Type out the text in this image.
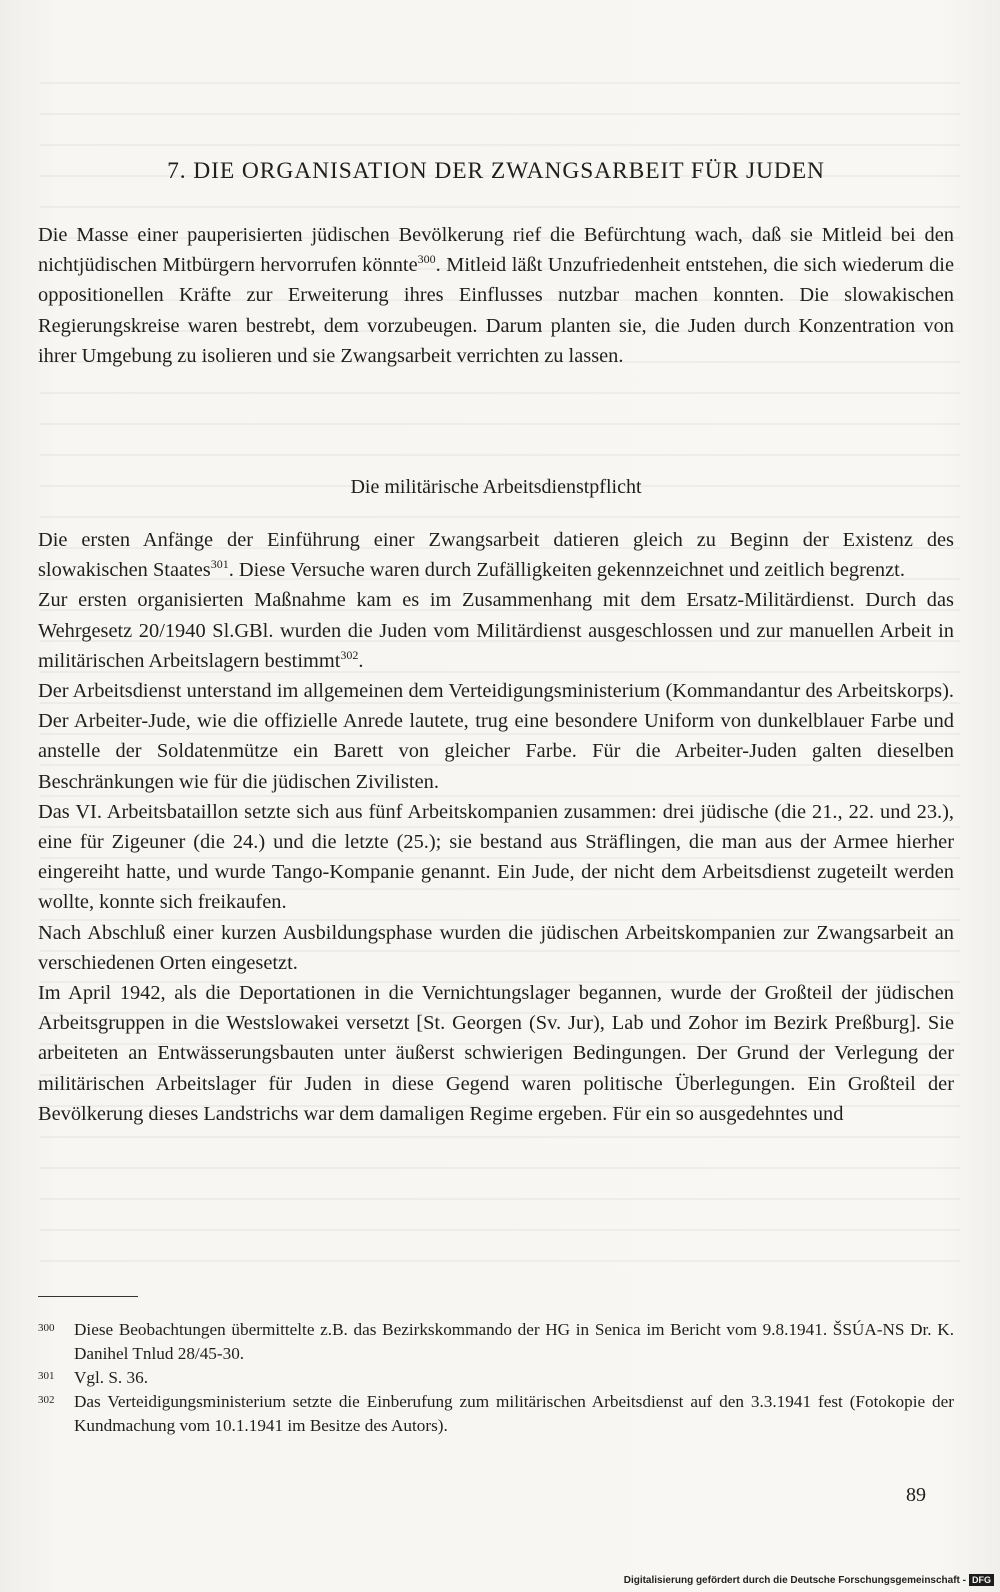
7. DIE ORGANISATION DER ZWANGSARBEIT FÜR JUDEN

Die Masse einer pauperisierten jüdischen Bevölkerung rief die Befürchtung wach, daß sie Mitleid bei den nichtjüdischen Mitbürgern hervorrufen könnte$^{300}$. Mitleid läßt Unzufriedenheit entstehen, die sich wiederum die oppositionellen Kräfte zur Erweiterung ihres Einflusses nutzbar machen konnten. Die slowakischen Regierungskreise waren bestrebt, dem vorzubeugen. Darum planten sie, die Juden durch Konzentration von ihrer Umgebung zu isolieren und sie Zwangsarbeit verrichten zu lassen.

Die militärische Arbeitsdienstpflicht

Die ersten Anfänge der Einführung einer Zwangsarbeit datieren gleich zu Beginn der Existenz des slowakischen Staates$^{301}$. Diese Versuche waren durch Zufälligkeiten gekennzeichnet und zeitlich begrenzt.

Zur ersten organisierten Maßnahme kam es im Zusammenhang mit dem Ersatz-Militärdienst. Durch das Wehrgesetz 20/1940 Sl.GBl. wurden die Juden vom Militärdienst ausgeschlossen und zur manuellen Arbeit in militärischen Arbeitslagern bestimmt$^{302}$.

Der Arbeitsdienst unterstand im allgemeinen dem Verteidigungsministerium (Kommandantur des Arbeitskorps). Der Arbeiter-Jude, wie die offizielle Anrede lautete, trug eine besondere Uniform von dunkelblauer Farbe und anstelle der Soldatenmütze ein Barett von gleicher Farbe. Für die Arbeiter-Juden galten dieselben Beschränkungen wie für die jüdischen Zivilisten.

Das VI. Arbeitsbataillon setzte sich aus fünf Arbeitskompanien zusammen: drei jüdische (die 21., 22. und 23.), eine für Zigeuner (die 24.) und die letzte (25.); sie bestand aus Sträflingen, die man aus der Armee hierher eingereiht hatte, und wurde Tango-Kompanie genannt. Ein Jude, der nicht dem Arbeitsdienst zugeteilt werden wollte, konnte sich freikaufen.

Nach Abschluß einer kurzen Ausbildungsphase wurden die jüdischen Arbeitskompanien zur Zwangsarbeit an verschiedenen Orten eingesetzt.

Im April 1942, als die Deportationen in die Vernichtungslager begannen, wurde der Großteil der jüdischen Arbeitsgruppen in die Westslowakei versetzt [St. Georgen (Sv. Jur), Lab und Zohor im Bezirk Preßburg]. Sie arbeiteten an Entwässerungsbauten unter äußerst schwierigen Bedingungen. Der Grund der Verlegung der militärischen Arbeitslager für Juden in diese Gegend waren politische Überlegungen. Ein Großteil der Bevölkerung dieses Landstrichs war dem damaligen Regime ergeben. Für ein so ausgedehntes und

300	Diese Beobachtungen übermittelte z.B. das Bezirkskommando der HG in Senica im Bericht vom 9.8.1941. ŠSÚA-NS Dr. K. Danihel Tnlud 28/45-30.
301	Vgl. S. 36.
302	Das Verteidigungsministerium setzte die Einberufung zum militärischen Arbeitsdienst auf den 3.3.1941 fest (Fotokopie der Kundmachung vom 10.1.1941 im Besitze des Autors).
89
Digitalisierung gefördert durch die Deutsche Forschungsgemeinschaft - DFG
